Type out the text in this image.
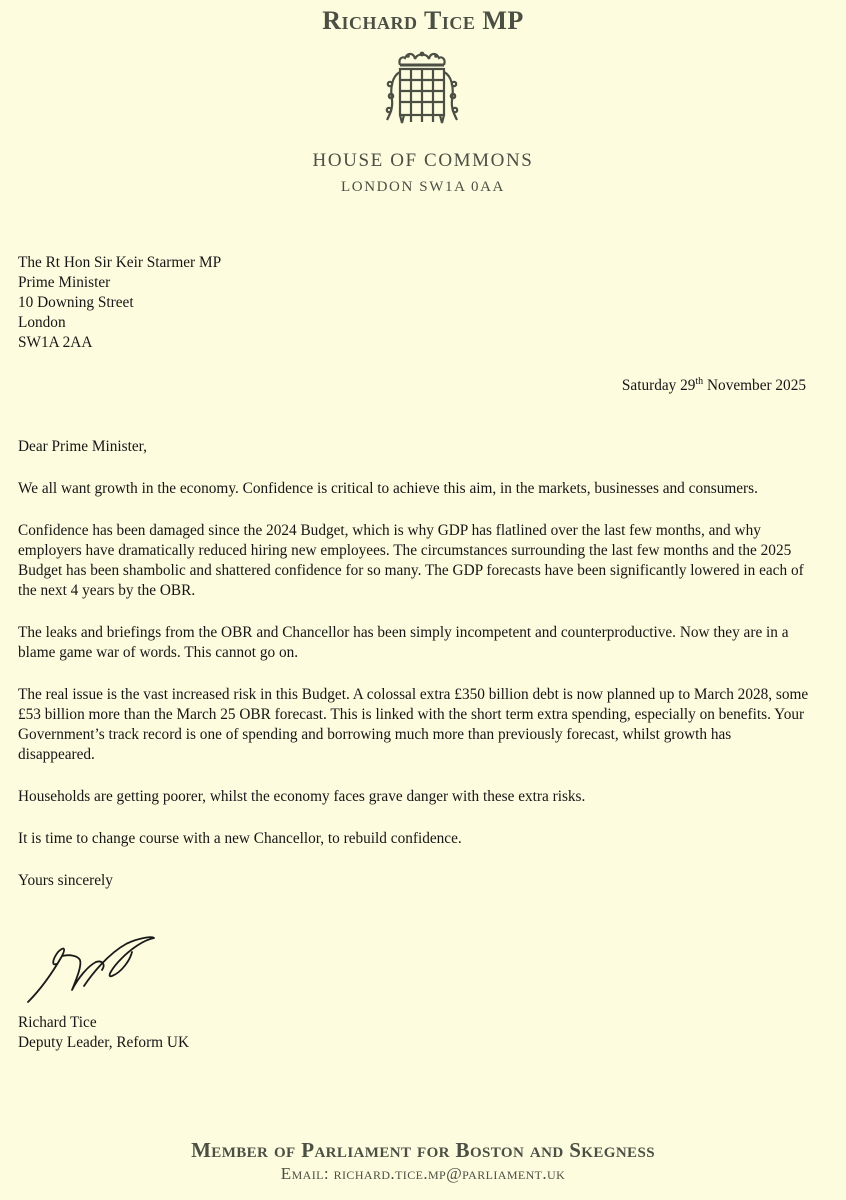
Richard Tice MP
HOUSE OF COMMONS
LONDON SW1A 0AA
The Rt Hon Sir Keir Starmer MP
Prime Minister
10 Downing Street
London
SW1A 2AA
Saturday 29th November 2025

Dear Prime Minister,

We all want growth in the economy. Confidence is critical to achieve this aim, in the markets, businesses and consumers.

Confidence has been damaged since the 2024 Budget, which is why GDP has flatlined over the last few months, and why employers have dramatically reduced hiring new employees. The circumstances surrounding the last few months and the 2025 Budget has been shambolic and shattered confidence for so many. The GDP forecasts have been significantly lowered in each of the next 4 years by the OBR.

The leaks and briefings from the OBR and Chancellor has been simply incompetent and counterproductive. Now they are in a blame game war of words. This cannot go on.

The real issue is the vast increased risk in this Budget. A colossal extra £350 billion debt is now planned up to March 2028, some £53 billion more than the March 25 OBR forecast. This is linked with the short term extra spending, especially on benefits. Your Government’s track record is one of spending and borrowing much more than previously forecast, whilst growth has disappeared.

Households are getting poorer, whilst the economy faces grave danger with these extra risks.

It is time to change course with a new Chancellor, to rebuild confidence.

Yours sincerely

Richard Tice
Deputy Leader, Reform UK
Member of Parliament for Boston and Skegness
Email: richard.tice.mp@parliament.uk
